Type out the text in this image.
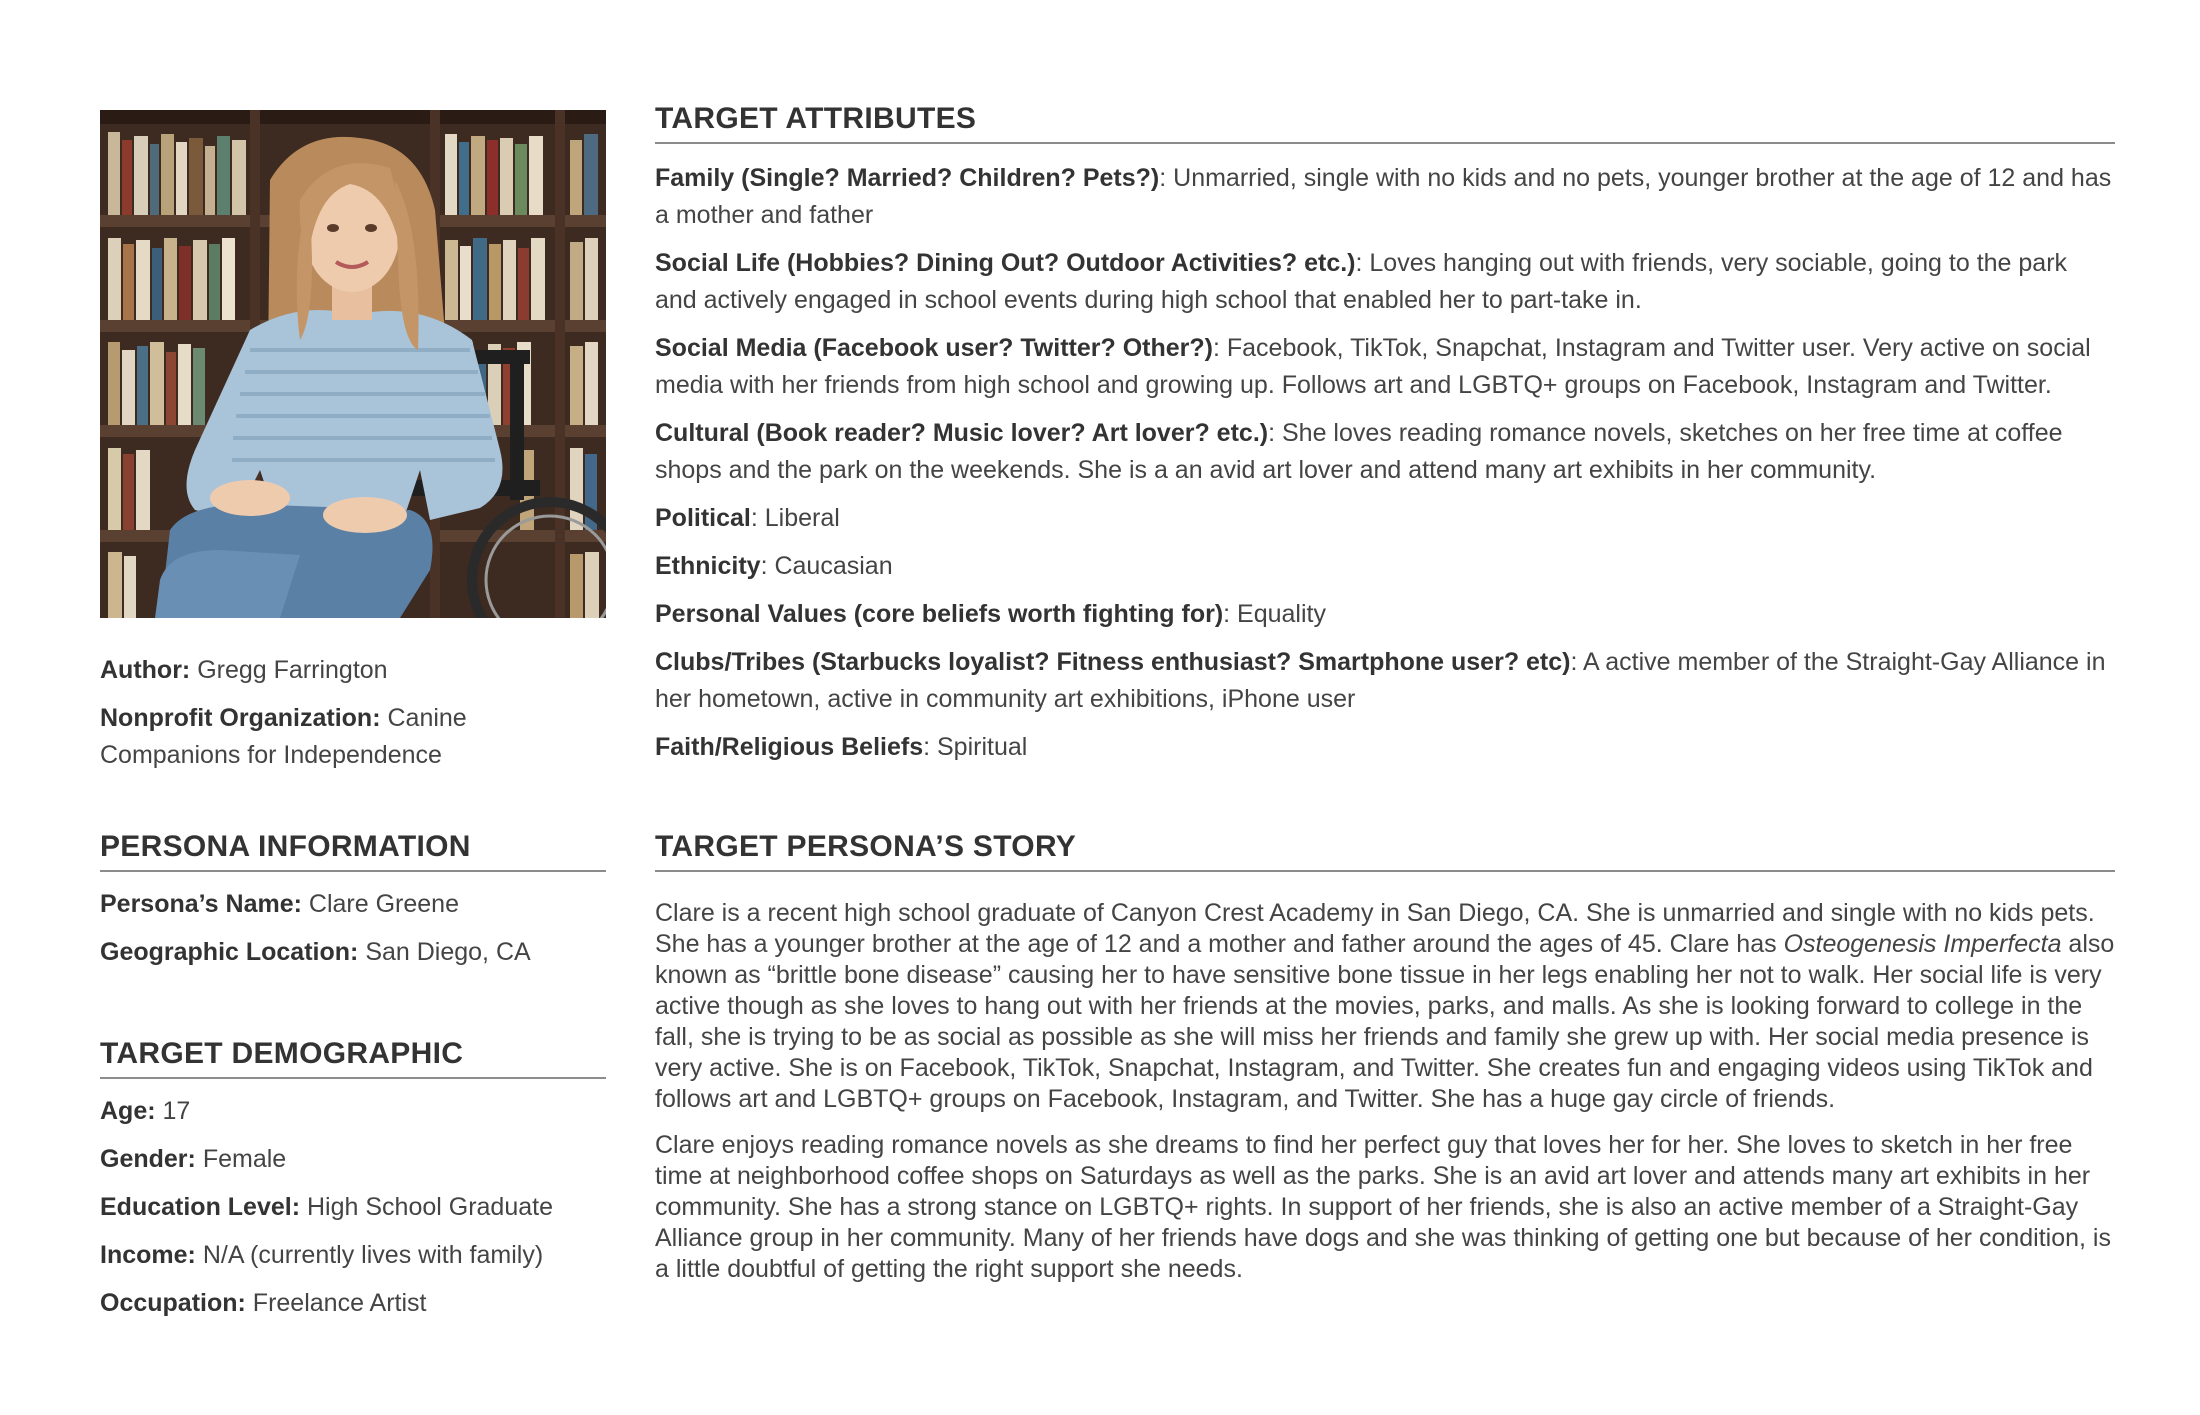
Author: Gregg Farrington

Nonprofit Organization: Canine Companions for Independence

PERSONA INFORMATION

Persona’s Name: Clare Greene

Geographic Location: San Diego, CA

TARGET DEMOGRAPHIC

Age: 17

Gender: Female

Education Level: High School Graduate

Income: N/A (currently lives with family)

Occupation: Freelance Artist

TARGET ATTRIBUTES

Family (Single? Married? Children? Pets?): Unmarried, single with no kids and no pets, younger brother at the age of 12 and has a mother and father

Social Life (Hobbies? Dining Out? Outdoor Activities? etc.): Loves hanging out with friends, very sociable, going to the park and actively engaged in school events during high school that enabled her to part-take in.

Social Media (Facebook user? Twitter? Other?): Facebook, TikTok, Snapchat, Instagram and Twitter user. Very active on social media with her friends from high school and growing up. Follows art and LGBTQ+ groups on Facebook, Instagram and Twitter.

Cultural (Book reader? Music lover? Art lover? etc.): She loves reading romance novels, sketches on her free time at coffee shops and the park on the weekends. She is a an avid art lover and attend many art exhibits in her community.

Political: Liberal

Ethnicity: Caucasian

Personal Values (core beliefs worth fighting for): Equality

Clubs/Tribes (Starbucks loyalist? Fitness enthusiast? Smartphone user? etc): A active member of the Straight-Gay Alliance in her hometown, active in community art exhibitions, iPhone user

Faith/Religious Beliefs: Spiritual

TARGET PERSONA’S STORY

Clare is a recent high school graduate of Canyon Crest Academy in San Diego, CA. She is unmarried and single with no kids pets. She has a younger brother at the age of 12 and a mother and father around the ages of 45. Clare has Osteogenesis Imperfecta also known as “brittle bone disease” causing her to have sensitive bone tissue in her legs enabling her not to walk. Her social life is very active though as she loves to hang out with her friends at the movies, parks, and malls. As she is looking forward to college in the fall, she is trying to be as social as possible as she will miss her friends and family she grew up with. Her social media presence is very active. She is on Facebook, TikTok, Snapchat, Instagram, and Twitter. She creates fun and engaging videos using TikTok and follows art and LGBTQ+ groups on Facebook, Instagram, and Twitter. She has a huge gay circle of friends.

Clare enjoys reading romance novels as she dreams to find her perfect guy that loves her for her. She loves to sketch in her free time at neighborhood coffee shops on Saturdays as well as the parks. She is an avid art lover and attends many art exhibits in her community. She has a strong stance on LGBTQ+ rights. In support of her friends, she is also an active member of a Straight-Gay Alliance group in her community. Many of her friends have dogs and she was thinking of getting one but because of her condition, is a little doubtful of getting the right support she needs.
